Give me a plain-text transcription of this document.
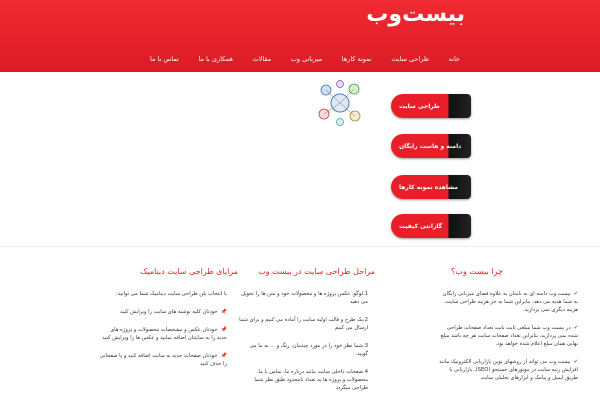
بیست‌وب
خانه
طراحی سایت
نمونه کارها
میزبانی وب
مقالات
همکاری با ما
تماس با ما
طراحی سایت
دامنه و هاست رایگان
مشاهده نمونه کارها
گارانتی کیفیت
چرا بیست وب؟
✔بیست وب دامنه ای به نامتان به علاوه فضای میزبانی رایگان به شما هدیه می دهد. بنابراین شما به جز هزینه طراحی سایت، هزینه دیگری نمی پردازید.
✔در بیست وب شما مبلغی ثابت بابت تعداد صفحات طراحی شده نمی پردازید، بنابراین تعداد صفحات سایت هر چه باشد مبلغ نهایی همان مبلغ اعلام شده خواهد بود.
✔بیست وب می تواند از روشهای نوین بازاریابی الکترونیک مانند افزایش رتبه سایت در موتورهای جستجو (SEO)، بازاریابی با طریق ایمیل و پیامک و ابزارهای تحلیلی سایت
مراحل طراحی سایت در بیست وب
1.لوگو، عکس پروژه ها و محصولات خود و متن ها را تحویل می دهید
2.یک طرح و قالب اولیه سایت را آماده می کنیم و برای شما ارسال می کنیم
3.شما نظر خود را در مورد چیدمان، رنگ و ... به ما می گویید.
4.صفحات داخلی سایت مانند درباره ما، تماس با ما، محصولات و پروژه ها به تعداد نامحدود طبق نظر شما طراحی میگردد
مزایای طراحی سایت دینامیک
با انتخاب پلن طراحی سایت دینامیک شما می توانید:
📌خودتان کلیه نوشته های سایت را ویرایش کنید
📌خودتان عکس و مشخصات محصولات و پروژه های جدید را به سایتتان اضافه نمایید و عکس ها را ویرایش کنید
📌خودتان صفحات جدید به سایت اضافه کنید و یا صفحاتی را حذف کنید
